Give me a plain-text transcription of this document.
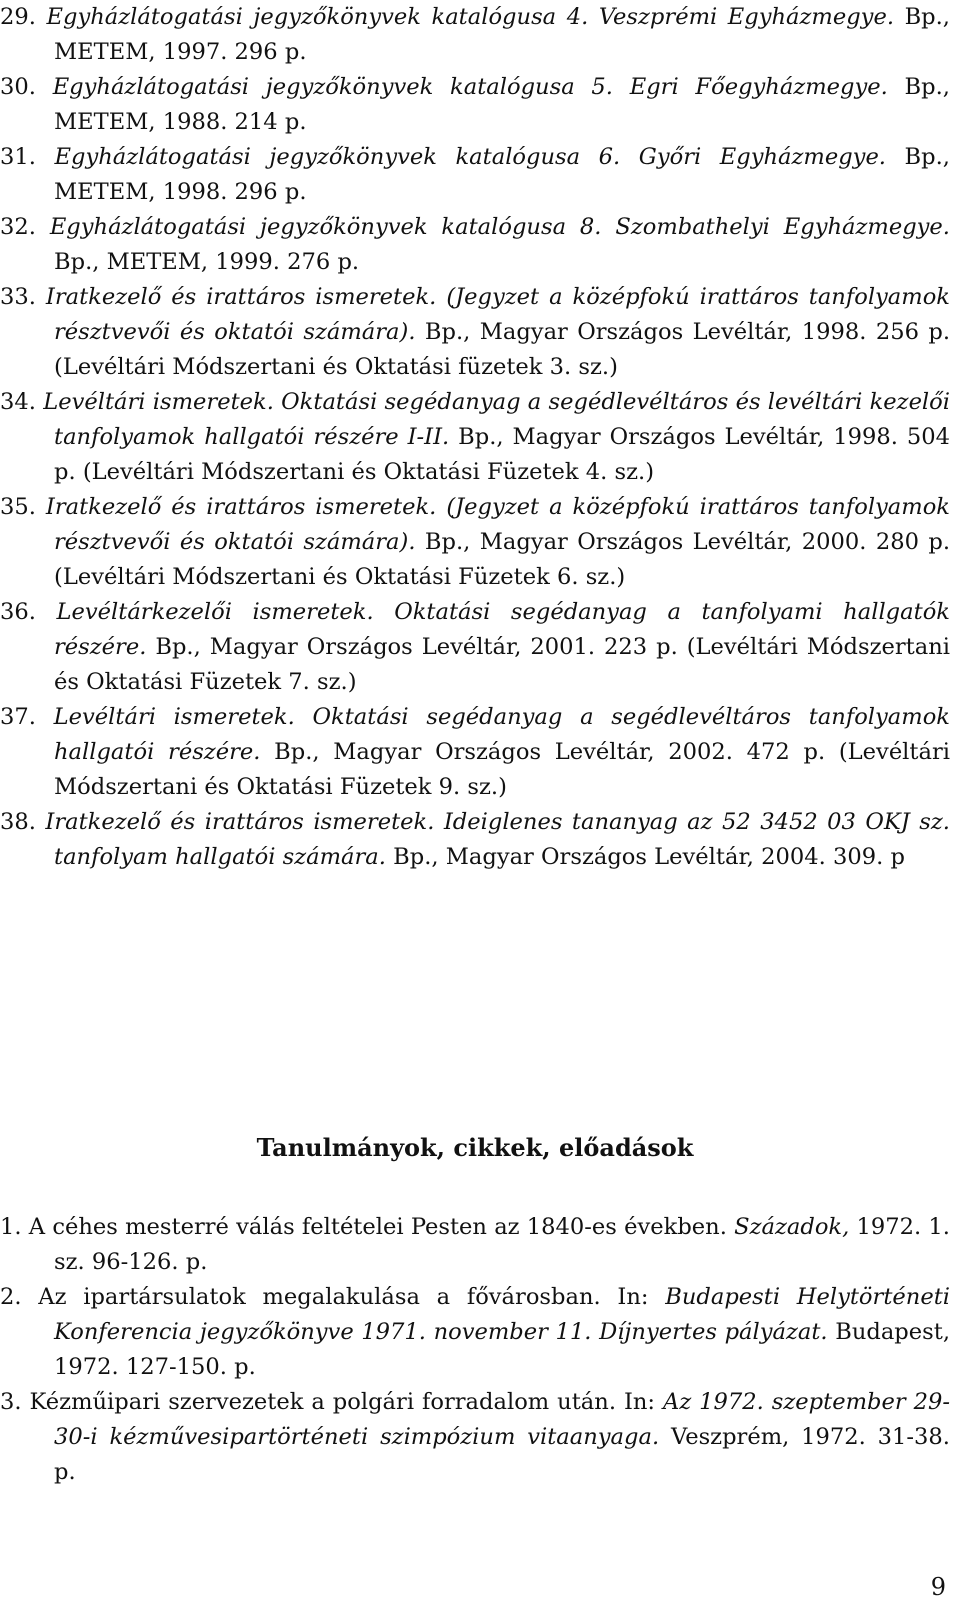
29. Egyházlátogatási jegyzőkönyvek katalógusa 4. Veszprémi Egyházmegye. Bp., METEM, 1997. 296 p.
30. Egyházlátogatási jegyzőkönyvek katalógusa 5. Egri Főegyházmegye. Bp., METEM, 1988. 214 p.
31. Egyházlátogatási jegyzőkönyvek katalógusa 6. Győri Egyházmegye. Bp., METEM, 1998. 296 p.
32. Egyházlátogatási jegyzőkönyvek katalógusa 8. Szombathelyi Egyházmegye. Bp., METEM, 1999. 276 p.
33. Iratkezelő és irattáros ismeretek. (Jegyzet a középfokú irattáros tanfolyamok résztvevői és oktatói számára). Bp., Magyar Országos Levéltár, 1998. 256 p. (Levéltári Módszertani és Oktatási füzetek 3. sz.)
34. Levéltári ismeretek. Oktatási segédanyag a segédlevéltáros és levéltári kezelői tanfolyamok hallgatói részére I-II. Bp., Magyar Országos Levéltár, 1998. 504 p. (Levéltári Módszertani és Oktatási Füzetek 4. sz.)
35. Iratkezelő és irattáros ismeretek. (Jegyzet a középfokú irattáros tanfolyamok résztvevői és oktatói számára). Bp., Magyar Országos Levéltár, 2000. 280 p. (Levéltári Módszertani és Oktatási Füzetek 6. sz.)
36. Levéltárkezelői ismeretek. Oktatási segédanyag a tanfolyami hallgatók részére. Bp., Magyar Országos Levéltár, 2001. 223 p. (Levéltári Módszertani és Oktatási Füzetek 7. sz.)
37. Levéltári ismeretek. Oktatási segédanyag a segédlevéltáros tanfolyamok hallgatói részére. Bp., Magyar Országos Levéltár, 2002. 472 p. (Levéltári Módszertani és Oktatási Füzetek 9. sz.)
38. Iratkezelő és irattáros ismeretek. Ideiglenes tananyag az 52 3452 03 OKJ sz. tanfolyam hallgatói számára. Bp., Magyar Országos Levéltár, 2004. 309. p
Tanulmányok, cikkek, előadások
1. A céhes mesterré válás feltételei Pesten az 1840-es években. Századok, 1972. 1. sz. 96-126. p.
2. Az ipartársulatok megalakulása a fővárosban. In: Budapesti Helytörténeti Konferencia jegyzőkönyve 1971. november 11. Díjnyertes pályázat. Budapest, 1972. 127-150. p.
3. Kézműipari szervezetek a polgári forradalom után. In: Az 1972. szeptember 29-30-i kézművesipartörténeti szimpózium vitaanyaga. Veszprém, 1972. 31-38. p.
9
